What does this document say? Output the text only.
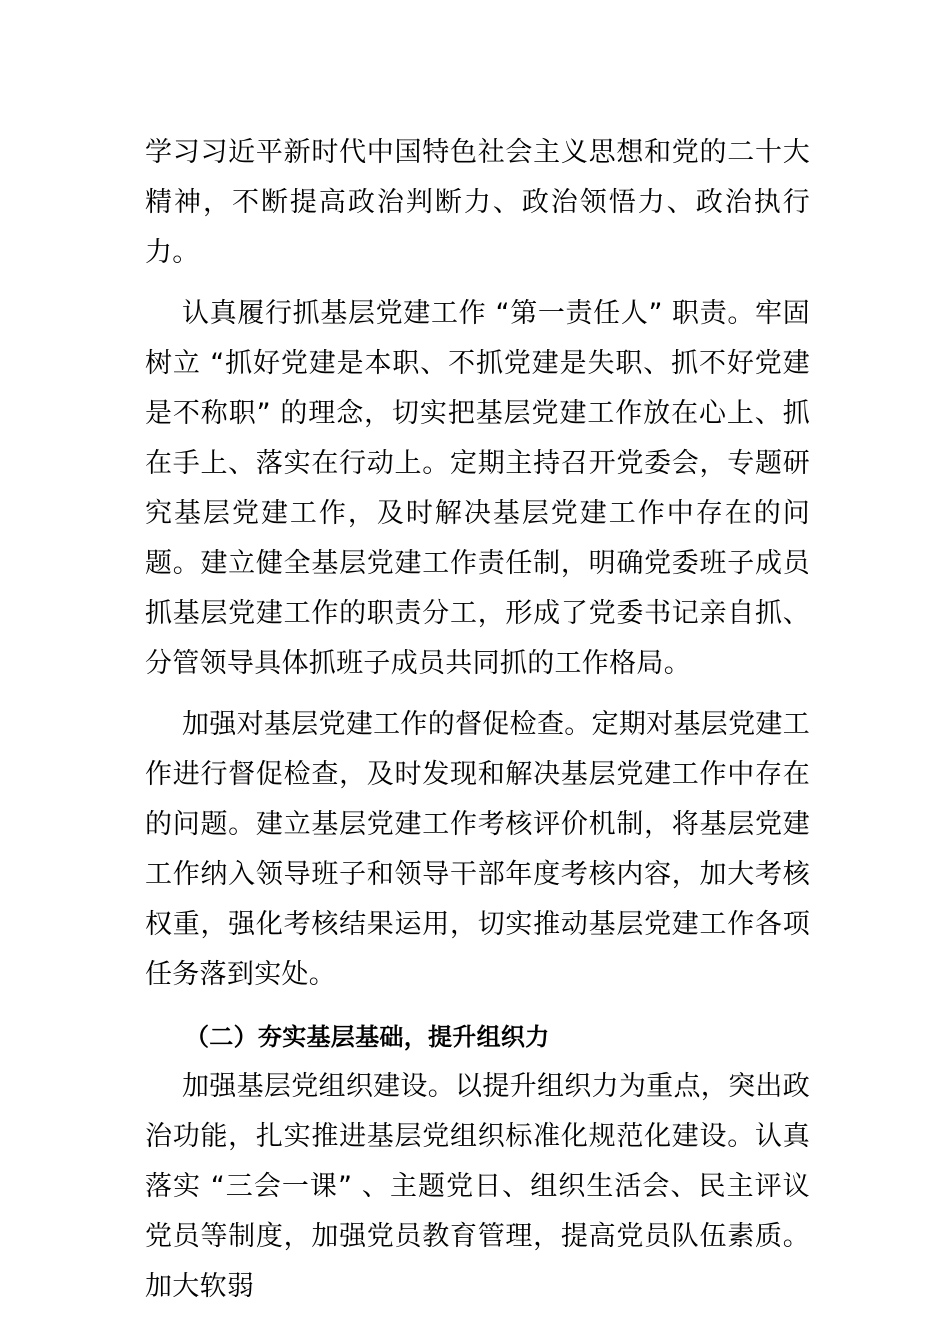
学习习近平新时代中国特色社会主义思想和党的二十大精神，不断提高政治判断力、政治领悟力、政治执行力。

认真履行抓基层党建工作 “第一责任人” 职责。牢固树立 “抓好党建是本职、不抓党建是失职、抓不好党建是不称职” 的理念，切实把基层党建工作放在心上、抓在手上、落实在行动上。定期主持召开党委会，专题研究基层党建工作，及时解决基层党建工作中存在的问题。建立健全基层党建工作责任制，明确党委班子成员抓基层党建工作的职责分工，形成了党委书记亲自抓、分管领导具体抓班子成员共同抓的工作格局。

加强对基层党建工作的督促检查。定期对基层党建工作进行督促检查，及时发现和解决基层党建工作中存在的问题。建立基层党建工作考核评价机制，将基层党建工作纳入领导班子和领导干部年度考核内容，加大考核权重，强化考核结果运用，切实推动基层党建工作各项任务落到实处。

（二）夯实基层基础，提升组织力

加强基层党组织建设。以提升组织力为重点，突出政治功能，扎实推进基层党组织标准化规范化建设。认真落实 “三会一课” 、主题党日、组织生活会、民主评议党员等制度，加强党员教育管理，提高党员队伍素质。加大软弱
